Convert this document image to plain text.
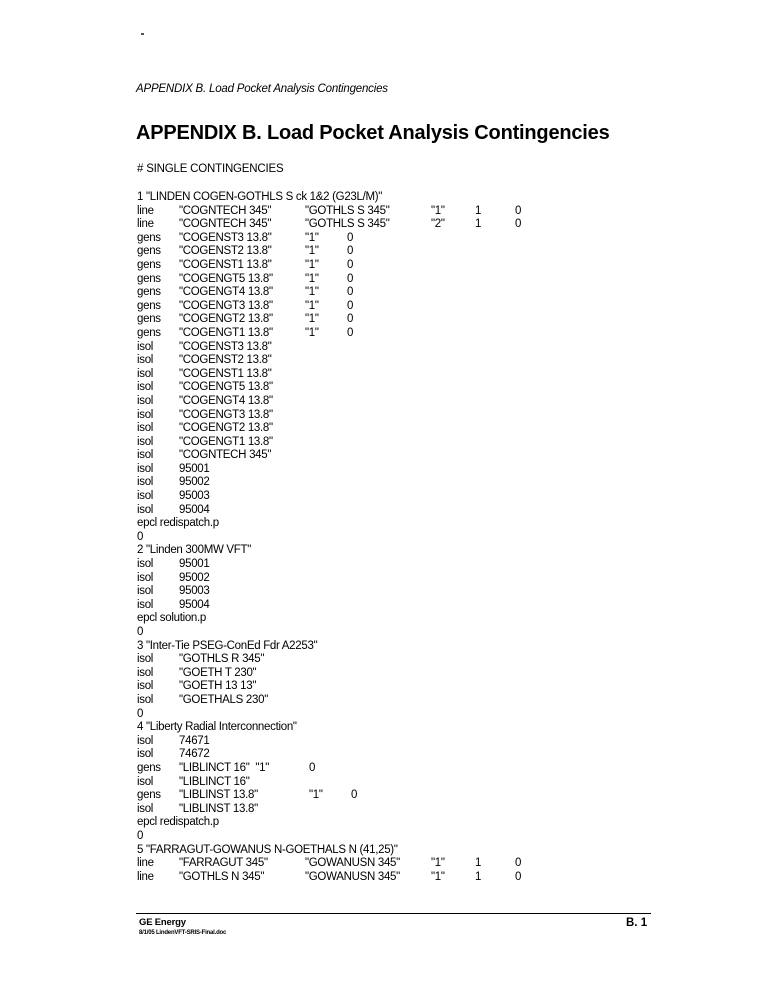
APPENDIX B. Load Pocket Analysis Contingencies
APPENDIX B. Load Pocket Analysis Contingencies
# SINGLE CONTINGENCIES
1 "LINDEN COGEN-GOTHLS S ck 1&2 (G23L/M)"
line "COGNTECH 345"	"GOTHLS S 345"	"1"	1	0
line "COGNTECH 345"	"GOTHLS S 345"	"2"	1	0
gens "COGENST3 13.8"	"1" 0
gens "COGENST2 13.8"	"1" 0
gens "COGENST1 13.8"	"1" 0
gens "COGENGT5 13.8"	"1" 0
gens "COGENGT4 13.8"	"1" 0
gens "COGENGT3 13.8"	"1" 0
gens "COGENGT2 13.8"	"1" 0
gens "COGENGT1 13.8"	"1" 0
isol "COGENST3 13.8"
isol "COGENST2 13.8"
isol "COGENST1 13.8"
isol "COGENGT5 13.8"
isol "COGENGT4 13.8"
isol "COGENGT3 13.8"
isol "COGENGT2 13.8"
isol "COGENGT1 13.8"
isol "COGNTECH 345"
isol 95001
isol 95002
isol 95003
isol 95004
epcl redispatch.p
0
2 "Linden 300MW VFT"
isol 95001
isol 95002
isol 95003
isol 95004
epcl solution.p
0
3 "Inter-Tie PSEG-ConEd Fdr A2253"
isol "GOTHLS R 345"
isol "GOETH T 230"
isol "GOETH 13 13"
isol "GOETHALS 230"
0
4 "Liberty Radial Interconnection"
isol 74671
isol 74672
gens "LIBLINCT 16"  "1"	0
isol "LIBLINCT 16"
gens "LIBLINST 13.8"	"1" 0
isol "LIBLINST 13.8"
epcl redispatch.p
0
5 "FARRAGUT-GOWANUS N-GOETHALS N (41,25)"
line "FARRAGUT 345"	"GOWANUSN 345"	"1"	1	0
line "GOTHLS N 345"	"GOWANUSN 345"	"1"	1	0
GE Energy
8/1/05 LindenVFT-SRIS-Final.doc
B. 1
